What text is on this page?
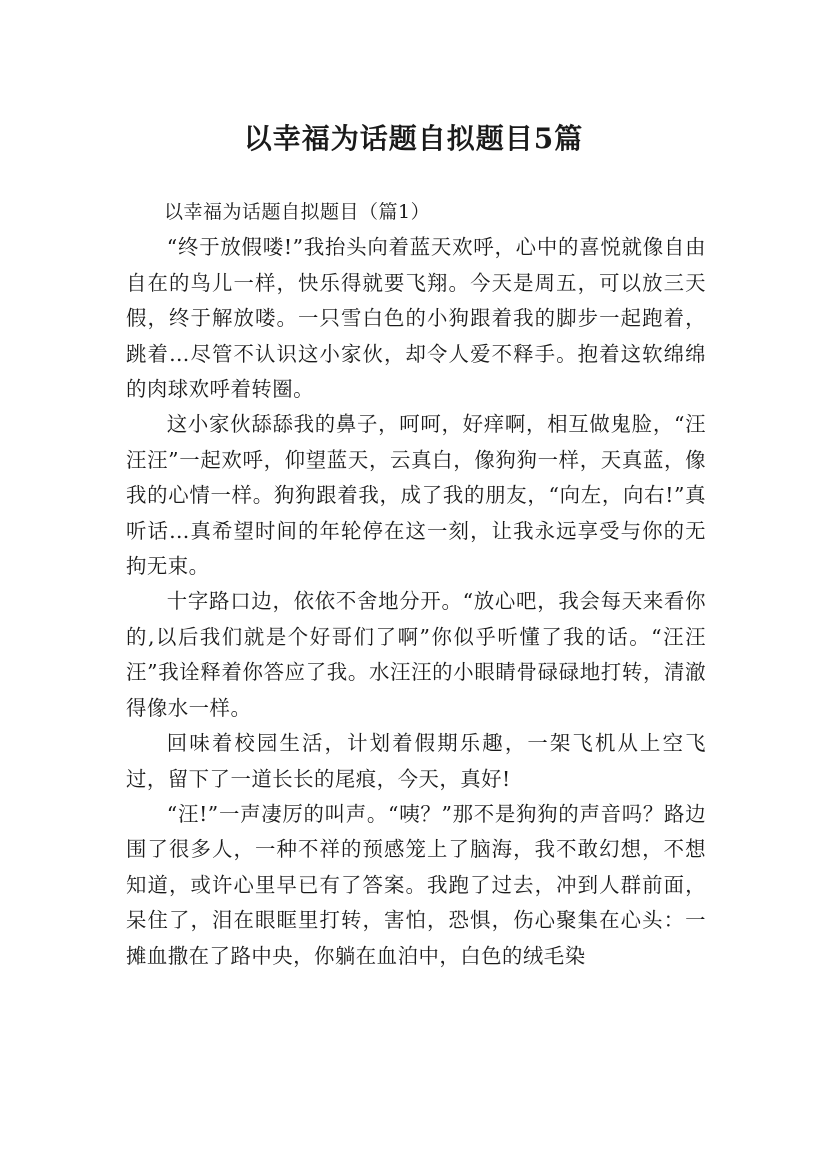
以幸福为话题自拟题目5篇

以幸福为话题自拟题目（篇1）

“终于放假喽!”我抬头向着蓝天欢呼，心中的喜悦就像自由自在的鸟儿一样，快乐得就要飞翔。今天是周五，可以放三天假，终于解放喽。一只雪白色的小狗跟着我的脚步一起跑着，跳着…尽管不认识这小家伙，却令人爱不释手。抱着这软绵绵的肉球欢呼着转圈。

这小家伙舔舔我的鼻子，呵呵，好痒啊，相互做鬼脸，“汪汪汪”一起欢呼，仰望蓝天，云真白，像狗狗一样，天真蓝，像我的心情一样。狗狗跟着我，成了我的朋友，“向左，向右!”真听话…真希望时间的年轮停在这一刻，让我永远享受与你的无拘无束。

十字路口边，依依不舍地分开。“放心吧，我会每天来看你的,以后我们就是个好哥们了啊”你似乎听懂了我的话。“汪汪汪”我诠释着你答应了我。水汪汪的小眼睛骨碌碌地打转，清澈得像水一样。

回味着校园生活，计划着假期乐趣，一架飞机从上空飞过，留下了一道长长的尾痕，今天，真好!

“汪!”一声凄厉的叫声。“咦？”那不是狗狗的声音吗？路边围了很多人，一种不祥的预感笼上了脑海，我不敢幻想，不想知道，或许心里早已有了答案。我跑了过去，冲到人群前面，呆住了，泪在眼眶里打转，害怕，恐惧，伤心聚集在心头：一摊血撒在了路中央，你躺在血泊中，白色的绒毛染
